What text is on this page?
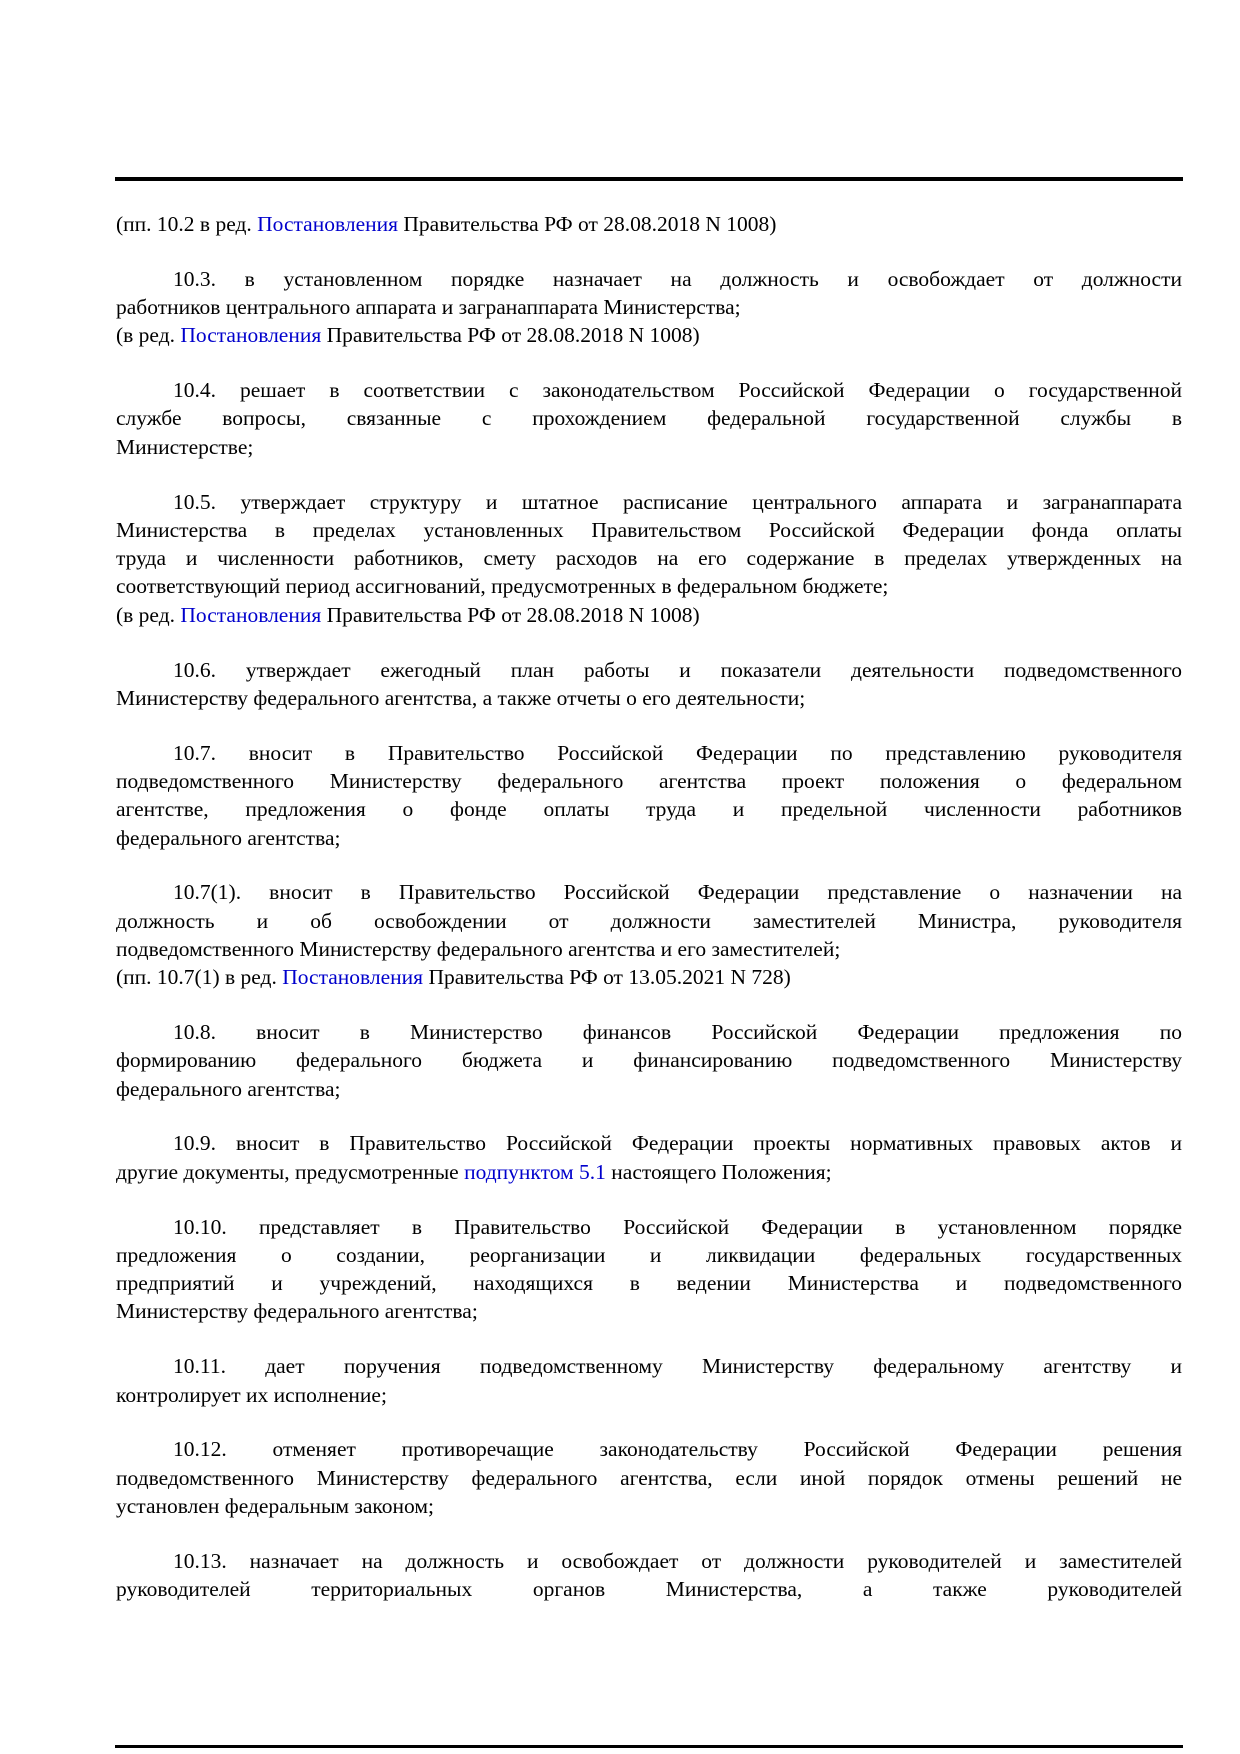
(пп. 10.2 в ред. Постановления Правительства РФ от 28.08.2018 N 1008)
10.3. в установленном порядке назначает на должность и освобождает от должности
работников центрального аппарата и загранаппарата Министерства;
(в ред. Постановления Правительства РФ от 28.08.2018 N 1008)
10.4. решает в соответствии с законодательством Российской Федерации о государственной
службе вопросы, связанные с прохождением федеральной государственной службы в
Министерстве;
10.5. утверждает структуру и штатное расписание центрального аппарата и загранаппарата
Министерства в пределах установленных Правительством Российской Федерации фонда оплаты
труда и численности работников, смету расходов на его содержание в пределах утвержденных на
соответствующий период ассигнований, предусмотренных в федеральном бюджете;
(в ред. Постановления Правительства РФ от 28.08.2018 N 1008)
10.6. утверждает ежегодный план работы и показатели деятельности подведомственного
Министерству федерального агентства, а также отчеты о его деятельности;
10.7. вносит в Правительство Российской Федерации по представлению руководителя
подведомственного Министерству федерального агентства проект положения о федеральном
агентстве, предложения о фонде оплаты труда и предельной численности работников
федерального агентства;
10.7(1). вносит в Правительство Российской Федерации представление о назначении на
должность и об освобождении от должности заместителей Министра, руководителя
подведомственного Министерству федерального агентства и его заместителей;
(пп. 10.7(1) в ред. Постановления Правительства РФ от 13.05.2021 N 728)
10.8. вносит в Министерство финансов Российской Федерации предложения по
формированию федерального бюджета и финансированию подведомственного Министерству
федерального агентства;
10.9. вносит в Правительство Российской Федерации проекты нормативных правовых актов и
другие документы, предусмотренные подпунктом 5.1 настоящего Положения;
10.10. представляет в Правительство Российской Федерации в установленном порядке
предложения о создании, реорганизации и ликвидации федеральных государственных
предприятий и учреждений, находящихся в ведении Министерства и подведомственного
Министерству федерального агентства;
10.11. дает поручения подведомственному Министерству федеральному агентству и
контролирует их исполнение;
10.12. отменяет противоречащие законодательству Российской Федерации решения
подведомственного Министерству федерального агентства, если иной порядок отмены решений не
установлен федеральным законом;
10.13. назначает на должность и освобождает от должности руководителей и заместителей
руководителей территориальных органов Министерства, а также руководителей
